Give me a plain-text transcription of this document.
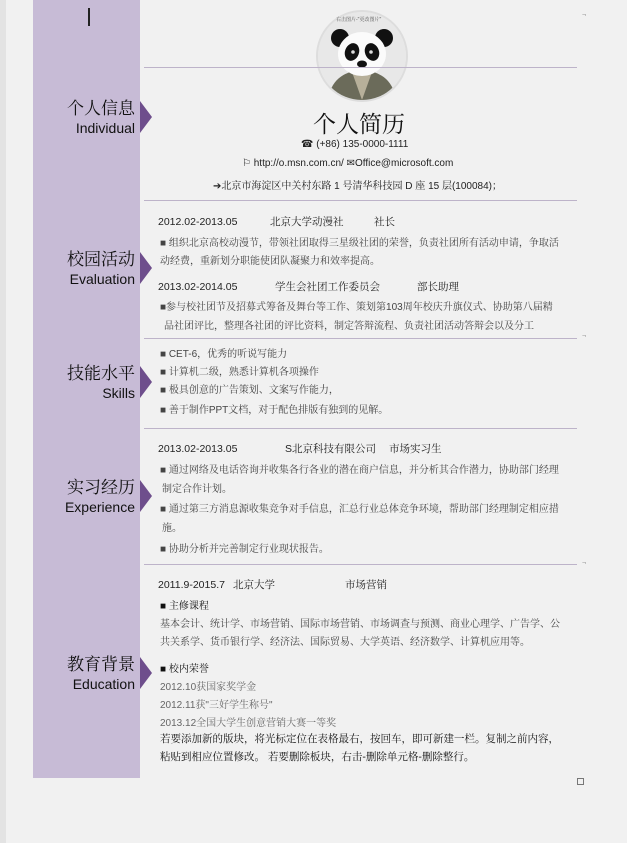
右击图片-"更改图片"
个人信息
Individual	个人简历
☎ (+86) 135-0000-1111
⚐ http://o.msn.com.cn/ ✉Office@microsoft.com
➔北京市海淀区中关村东路 1 号清华科技园 D 座 15 层(100084)；
校园活动
Evaluation
2012.02-2013.05	北京大学动漫社	社长
■ 组织北京高校动漫节，带领社团取得三星级社团的荣誉，负责社团所有活动申请，争取活
动经费，重新划分职能使团队凝聚力和效率提高。
2013.02-2014.05	学生会社团工作委员会	部长助理
■参与校社团节及招募式筹备及舞台等工作、策划第103周年校庆升旗仪式、协助第八届精
品社团评比，整理各社团的评比资料，制定答辩流程、负责社团活动答辩会以及分工
技能水平
Skills
■ CET-6，优秀的听说写能力
■ 计算机二级，熟悉计算机各项操作
■ 极具创意的广告策划、文案写作能力，
■ 善于制作PPT文档，对于配色排版有独到的见解。
实习经历
Experience
2013.02-2013.05	S北京科技有限公司 市场实习生
■ 通过网络及电话咨询并收集各行各业的潜在商户信息，并分析其合作潜力，协助部门经理
制定合作计划。
■ 通过第三方消息源收集竞争对手信息，汇总行业总体竞争环境，帮助部门经理制定相应措
施。
■ 协助分析并完善制定行业现状报告。
教育背景
Education
2011.9-2015.7 北京大学	市场营销
■ 主修课程
基本会计、统计学、市场营销、国际市场营销、市场调查与预测、商业心理学、广告学、公
共关系学、货币银行学、经济法、国际贸易、大学英语、经济数学、计算机应用等。
■ 校内荣誉
2012.10获国家奖学金
2012.11获"三好学生称号"
2013.12全国大学生创意营销大赛一等奖
若要添加新的版块，将光标定位在表格最右，按回车，即可新建一栏。复制之前内容，
粘贴到相应位置修改。 若要删除板块，右击-删除单元格-删除整行。
¬
¬
¬
